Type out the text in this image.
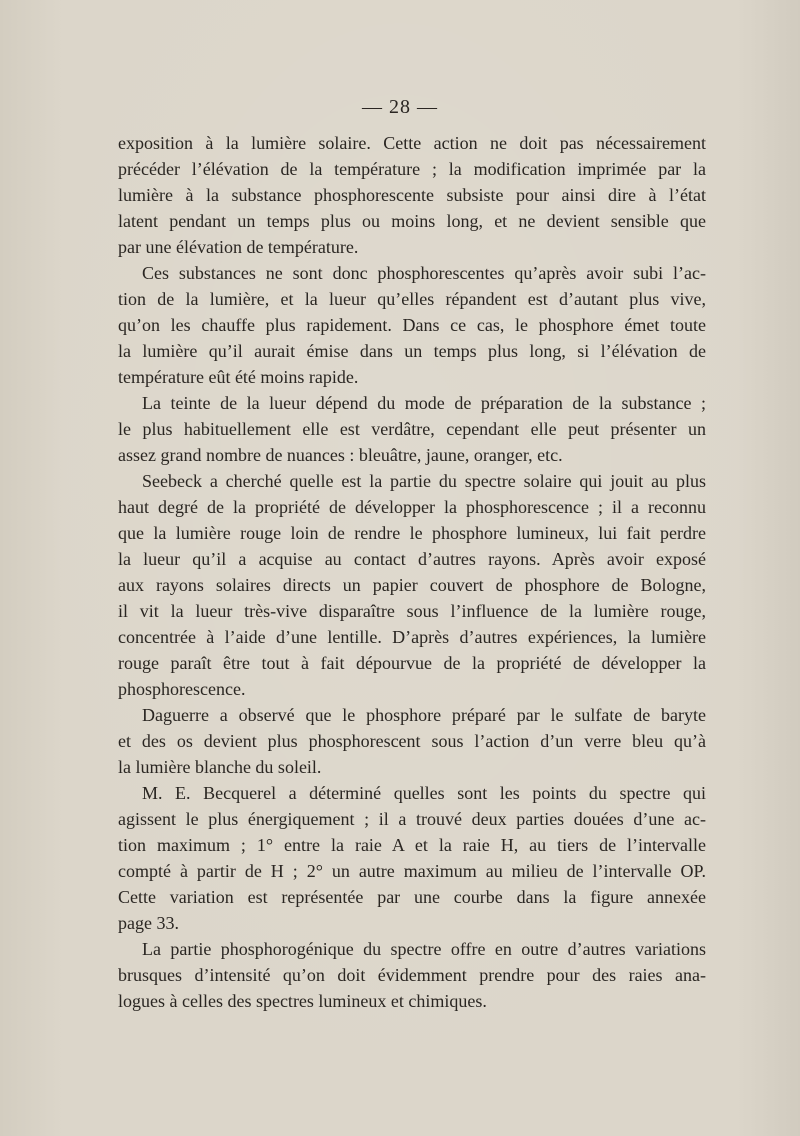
— 28 —
exposition à la lumière solaire. Cette action ne doit pas nécessairement
précéder l’élévation de la température ; la modification imprimée par la
lumière à la substance phosphorescente subsiste pour ainsi dire à l’état
latent pendant un temps plus ou moins long, et ne devient sensible que
par une élévation de température.
Ces substances ne sont donc phosphorescentes qu’après avoir subi l’ac-
tion de la lumière, et la lueur qu’elles répandent est d’autant plus vive,
qu’on les chauffe plus rapidement. Dans ce cas, le phosphore émet toute
la lumière qu’il aurait émise dans un temps plus long, si l’élévation de
température eût été moins rapide.
La teinte de la lueur dépend du mode de préparation de la substance ;
le plus habituellement elle est verdâtre, cependant elle peut présenter un
assez grand nombre de nuances : bleuâtre, jaune, oranger, etc.
Seebeck a cherché quelle est la partie du spectre solaire qui jouit au plus
haut degré de la propriété de développer la phosphorescence ; il a reconnu
que la lumière rouge loin de rendre le phosphore lumineux, lui fait perdre
la lueur qu’il a acquise au contact d’autres rayons. Après avoir exposé
aux rayons solaires directs un papier couvert de phosphore de Bologne,
il vit la lueur très-vive disparaître sous l’influence de la lumière rouge,
concentrée à l’aide d’une lentille. D’après d’autres expériences, la lumière
rouge paraît être tout à fait dépourvue de la propriété de développer la
phosphorescence.
Daguerre a observé que le phosphore préparé par le sulfate de baryte
et des os devient plus phosphorescent sous l’action d’un verre bleu qu’à
la lumière blanche du soleil.
M. E. Becquerel a déterminé quelles sont les points du spectre qui
agissent le plus énergiquement ; il a trouvé deux parties douées d’une ac-
tion maximum ; 1° entre la raie A et la raie H, au tiers de l’intervalle
compté à partir de H ; 2° un autre maximum au milieu de l’intervalle OP.
Cette variation est représentée par une courbe dans la figure annexée
page 33.
La partie phosphorogénique du spectre offre en outre d’autres variations
brusques d’intensité qu’on doit évidemment prendre pour des raies ana-
logues à celles des spectres lumineux et chimiques.
